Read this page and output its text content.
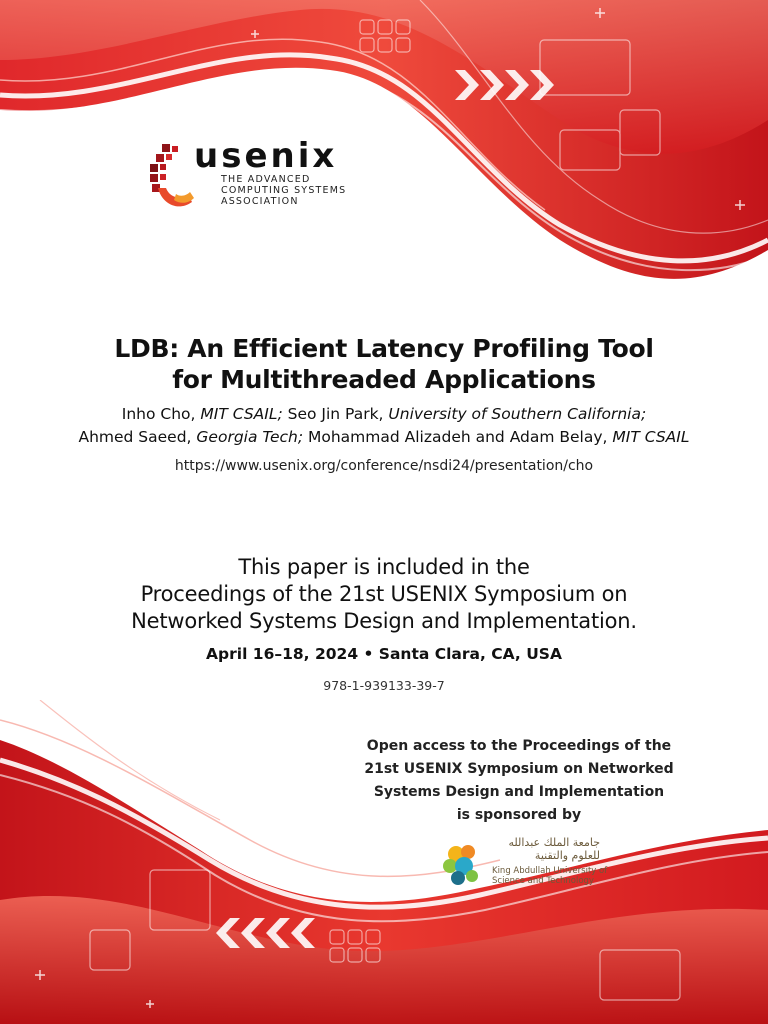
usenix
THE ADVANCED
COMPUTING SYSTEMS
ASSOCIATION
LDB: An Efficient Latency Profiling Tool
for Multithreaded Applications
Inho Cho, MIT CSAIL; Seo Jin Park, University of Southern California;
Ahmed Saeed, Georgia Tech; Mohammad Alizadeh and Adam Belay, MIT CSAIL
https://www.usenix.org/conference/nsdi24/presentation/cho
This paper is included in the
Proceedings of the 21st USENIX Symposium on
Networked Systems Design and Implementation.
April 16–18, 2024 • Santa Clara, CA, USA
978-1-939133-39-7
Open access to the Proceedings of the
21st USENIX Symposium on Networked
Systems Design and Implementation
is sponsored by
جامعة الملك عبدالله
للعلوم والتقنية
King Abdullah University of
Science and Technology
